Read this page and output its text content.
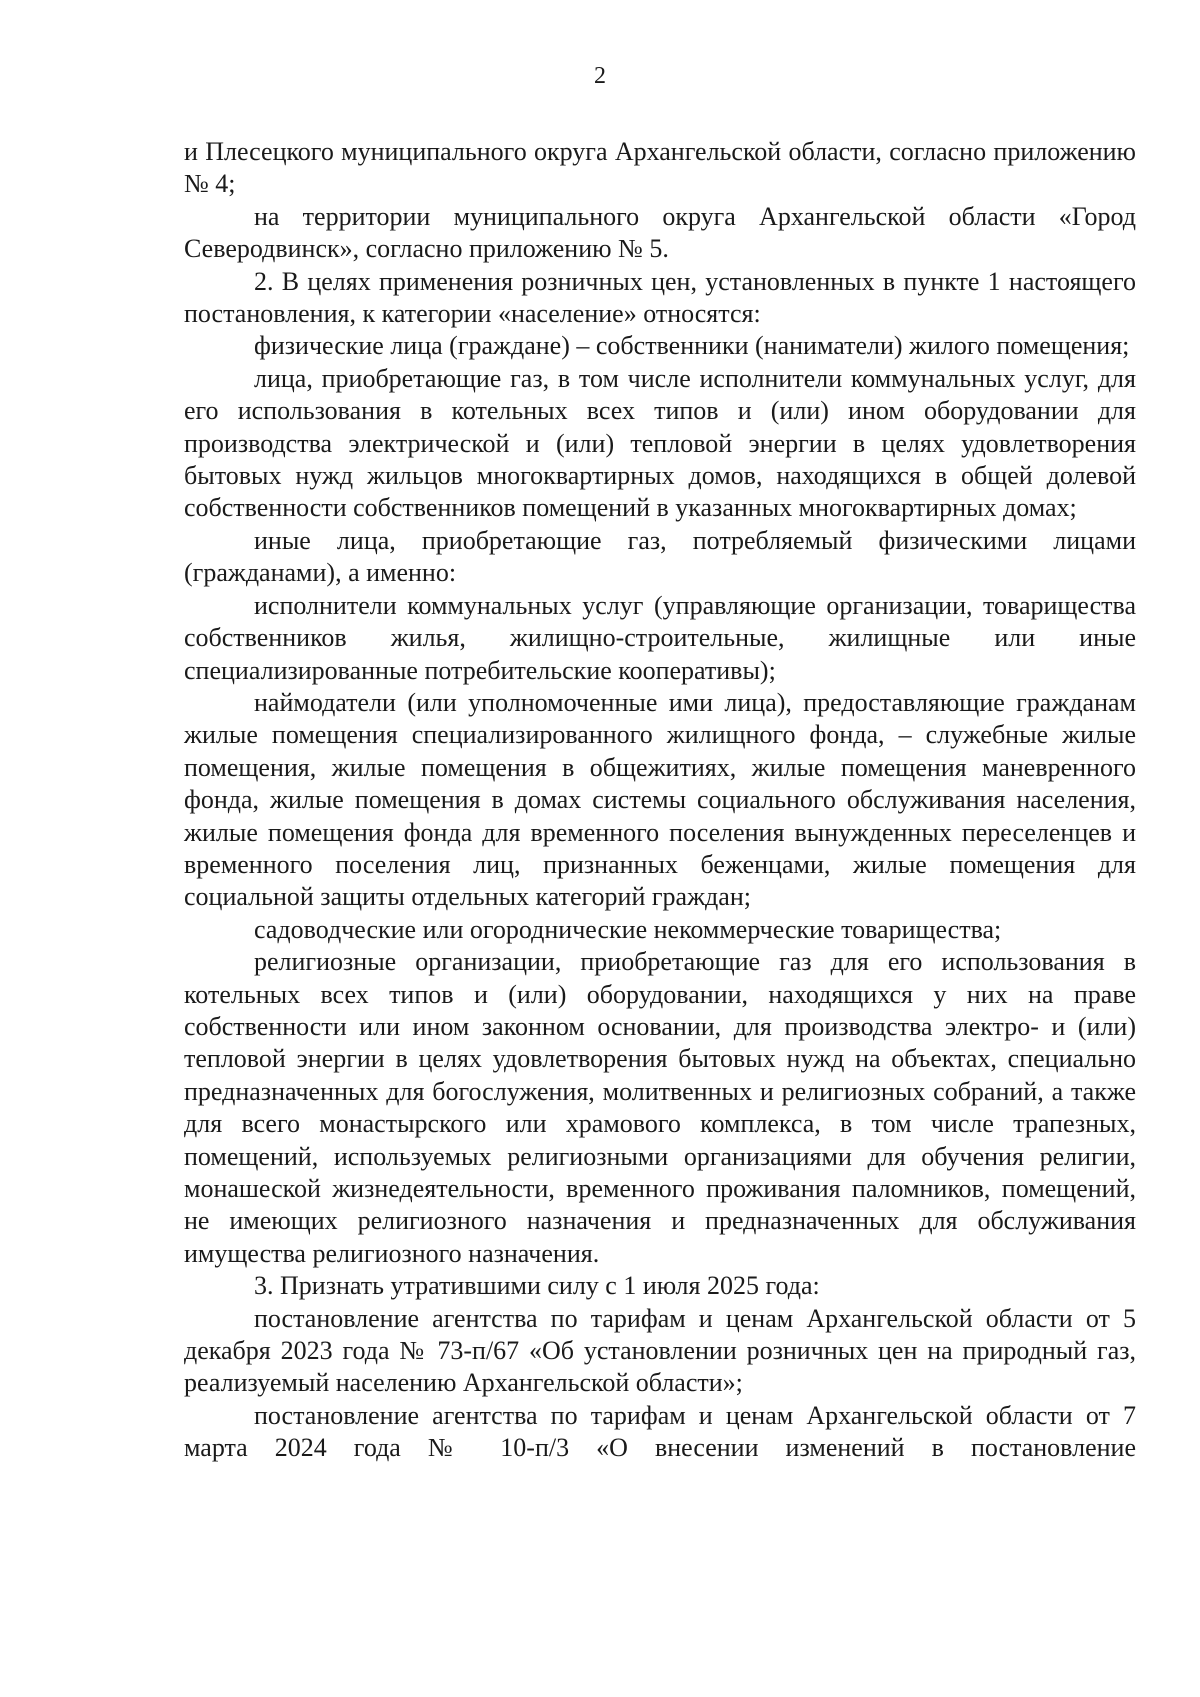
2

и Плесецкого муниципального округа Архангельской области, согласно приложению № 4;

на территории муниципального округа Архангельской области «Город Северодвинск», согласно приложению № 5.

2. В целях применения розничных цен, установленных в пункте 1 настоящего постановления, к категории «население» относятся:

физические лица (граждане) – собственники (наниматели) жилого помещения;

лица, приобретающие газ, в том числе исполнители коммунальных услуг, для его использования в котельных всех типов и (или) ином оборудовании для производства электрической и (или) тепловой энергии в целях удовлетворения бытовых нужд жильцов многоквартирных домов, находящихся в общей долевой собственности собственников помещений в указанных многоквартирных домах;

иные лица, приобретающие газ, потребляемый физическими лицами (гражданами), а именно:

исполнители коммунальных услуг (управляющие организации, товарищества собственников жилья, жилищно-строительные, жилищные или иные специализированные потребительские кооперативы);

наймодатели (или уполномоченные ими лица), предоставляющие гражданам жилые помещения специализированного жилищного фонда, – служебные жилые помещения, жилые помещения в общежитиях, жилые помещения маневренного фонда, жилые помещения в домах системы социального обслуживания населения, жилые помещения фонда для временного поселения вынужденных переселенцев и временного поселения лиц, признанных беженцами, жилые помещения для социальной защиты отдельных категорий граждан;

садоводческие или огороднические некоммерческие товарищества;

религиозные организации, приобретающие газ для его использования в котельных всех типов и (или) оборудовании, находящихся у них на праве собственности или ином законном основании, для производства электро- и (или) тепловой энергии в целях удовлетворения бытовых нужд на объектах, специально предназначенных для богослужения, молитвенных и религиозных собраний, а также для всего монастырского или храмового комплекса, в том числе трапезных, помещений, используемых религиозными организациями для обучения религии, монашеской жизнедеятельности, временного проживания паломников, помещений, не имеющих религиозного назначения и предназначенных для обслуживания имущества религиозного назначения.

3. Признать утратившими силу с 1 июля 2025 года:

постановление агентства по тарифам и ценам Архангельской области от 5 декабря 2023 года № 73-п/67 «Об установлении розничных цен на природный газ, реализуемый населению Архангельской области»;

постановление агентства по тарифам и ценам Архангельской области от 7 марта 2024 года № 10-п/3 «О внесении изменений в постановление
